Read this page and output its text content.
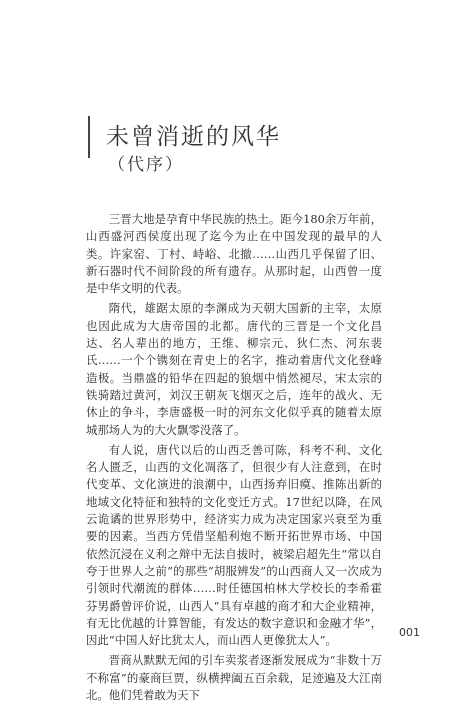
未曾消逝的风华
（代序）

三晋大地是孕育中华民族的热土。距今180余万年前，山西盛河西侯度出现了迄今为止在中国发现的最早的人类。许家窑、丁村、峙峪、北撤……山西几乎保留了旧、新石器时代不间阶段的所有遗存。从那时起，山西曾一度是中华文明的代表。

隋代，雄踞太原的李渊成为天朝大国新的主宰，太原也因此成为大唐帝国的北都。唐代的三晋是一个文化昌达、名人辈出的地方，王维、柳宗元、狄仁杰、河东裴氏……一个个镌刻在青史上的名字，推动着唐代文化登峰造极。当鼎盛的铅华在四起的狼烟中悄然褪尽，宋太宗的铁骑踏过黄河，刘汉王朝灰飞烟灭之后，连年的战火、无休止的争斗，李唐盛极一时的河东文化似乎真的随着太原城那场人为的大火飘零没落了。

有人说，唐代以后的山西乏善可陈，科考不利、文化名人匮乏，山西的文化凋落了，但很少有人注意到，在时代变革、文化演进的浪潮中，山西扬弃旧瘼、推陈出新的地域文化特征和独特的文化变迁方式。17世纪以降，在风云诡谲的世界形势中，经济实力成为决定国家兴衰至为重要的因素。当西方凭借坚船利炮不断开拓世界市场、中国依然沉浸在义利之辩中无法自拔时，被梁启超先生“常以自夸于世界人之前”的那些“胡服辨发”的山西商人又一次成为引领时代潮流的群体……时任德国柏林大学校长的李希霍芬男爵曾评价说，山西人“具有卓越的商才和大企业精神，有无比优越的计算智能，有发达的数字意识和金融才华”，因此“中国人好比犹太人，而山西人更像犹太人”。

晋商从默默无闻的引车卖浆者逐渐发展成为“非数十万不称富”的豪商巨贾，纵横捭阖五百余载，足迹遍及大江南北。他们凭着敢为天下

001
